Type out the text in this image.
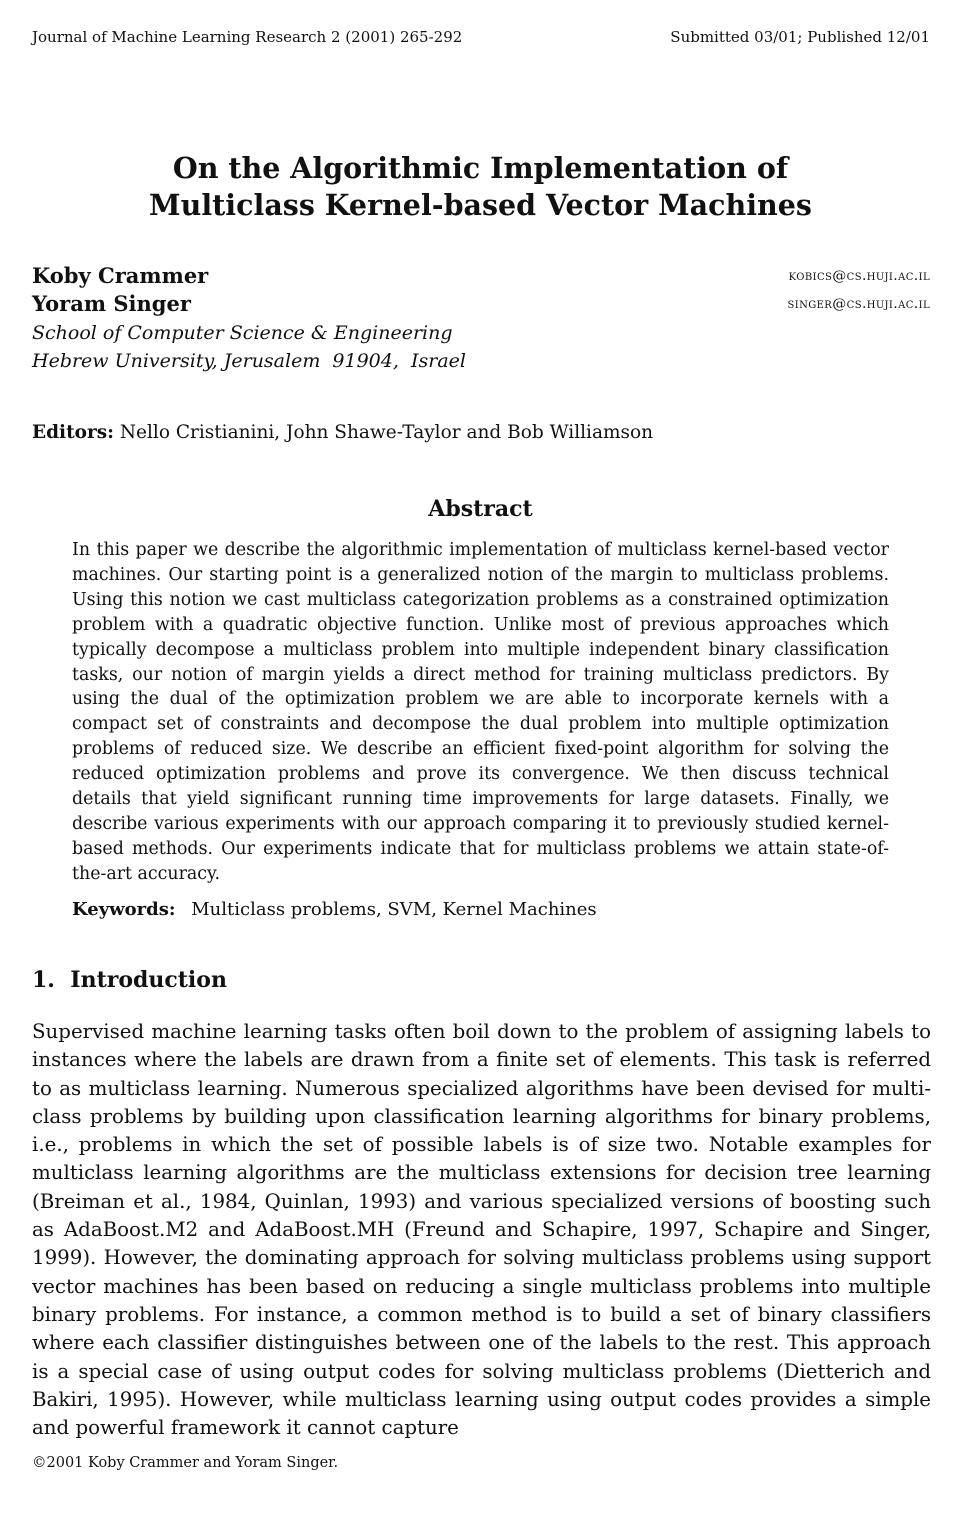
Journal of Machine Learning Research 2 (2001) 265-292	Submitted 03/01; Published 12/01
On the Algorithmic Implementation of
Multiclass Kernel-based Vector Machines
Koby Crammer	kobics@cs.huji.ac.il
Yoram Singer	singer@cs.huji.ac.il
School of Computer Science & Engineering
Hebrew University, Jerusalem  91904,  Israel
Editors: Nello Cristianini, John Shawe-Taylor and Bob Williamson
Abstract

In this paper we describe the algorithmic implementation of multiclass kernel-based vector machines. Our starting point is a generalized notion of the margin to multiclass problems. Using this notion we cast multiclass categorization problems as a constrained optimization problem with a quadratic objective function. Unlike most of previous approaches which typically decompose a multiclass problem into multiple independent binary classification tasks, our notion of margin yields a direct method for training multiclass predictors. By using the dual of the optimization problem we are able to incorporate kernels with a compact set of constraints and decompose the dual problem into multiple optimization problems of reduced size. We describe an efficient fixed-point algorithm for solving the reduced optimization problems and prove its convergence. We then discuss technical details that yield significant running time improvements for large datasets. Finally, we describe various experiments with our approach comparing it to previously studied kernel-based methods. Our experiments indicate that for multiclass problems we attain state-of-the-art accuracy.

Keywords: Multiclass problems, SVM, Kernel Machines
1.  Introduction

Supervised machine learning tasks often boil down to the problem of assigning labels to instances where the labels are drawn from a finite set of elements. This task is referred to as multiclass learning. Numerous specialized algorithms have been devised for multiclass problems by building upon classification learning algorithms for binary problems, i.e., problems in which the set of possible labels is of size two. Notable examples for multiclass learning algorithms are the multiclass extensions for decision tree learning (Breiman et al., 1984, Quinlan, 1993) and various specialized versions of boosting such as AdaBoost.M2 and AdaBoost.MH (Freund and Schapire, 1997, Schapire and Singer, 1999). However, the dominating approach for solving multiclass problems using support vector machines has been based on reducing a single multiclass problems into multiple binary problems. For instance, a common method is to build a set of binary classifiers where each classifier distinguishes between one of the labels to the rest. This approach is a special case of using output codes for solving multiclass problems (Dietterich and Bakiri, 1995). However, while multiclass learning using output codes provides a simple and powerful framework it cannot capture

©2001 Koby Crammer and Yoram Singer.
